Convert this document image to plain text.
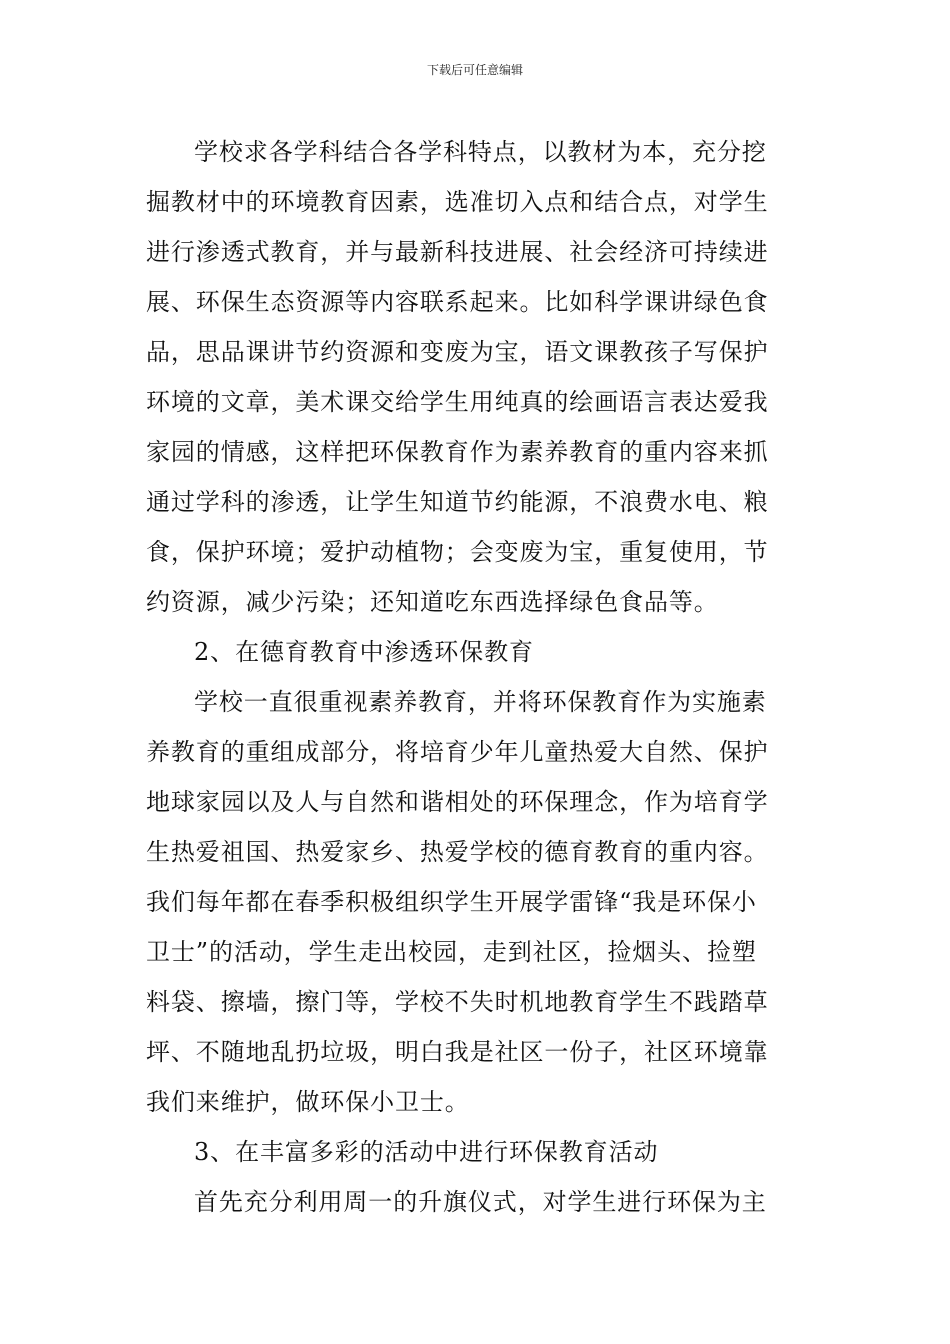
下载后可任意编辑
学校求各学科结合各学科特点，以教材为本，充分挖
掘教材中的环境教育因素，选准切入点和结合点，对学生
进行渗透式教育，并与最新科技进展、社会经济可持续进
展、环保生态资源等内容联系起来。比如科学课讲绿色食
品，思品课讲节约资源和变废为宝，语文课教孩子写保护
环境的文章，美术课交给学生用纯真的绘画语言表达爱我
家园的情感，这样把环保教育作为素养教育的重内容来抓
通过学科的渗透，让学生知道节约能源，不浪费水电、粮
食，保护环境；爱护动植物；会变废为宝，重复使用，节
约资源，减少污染；还知道吃东西选择绿色食品等。
2、在德育教育中渗透环保教育
学校一直很重视素养教育，并将环保教育作为实施素
养教育的重组成部分，将培育少年儿童热爱大自然、保护
地球家园以及人与自然和谐相处的环保理念，作为培育学
生热爱祖国、热爱家乡、热爱学校的德育教育的重内容。
我们每年都在春季积极组织学生开展学雷锋“我是环保小
卫士”的活动，学生走出校园，走到社区，捡烟头、捡塑
料袋、擦墙，擦门等，学校不失时机地教育学生不践踏草
坪、不随地乱扔垃圾，明白我是社区一份子，社区环境靠
我们来维护，做环保小卫士。
3、在丰富多彩的活动中进行环保教育活动
首先充分利用周一的升旗仪式，对学生进行环保为主
